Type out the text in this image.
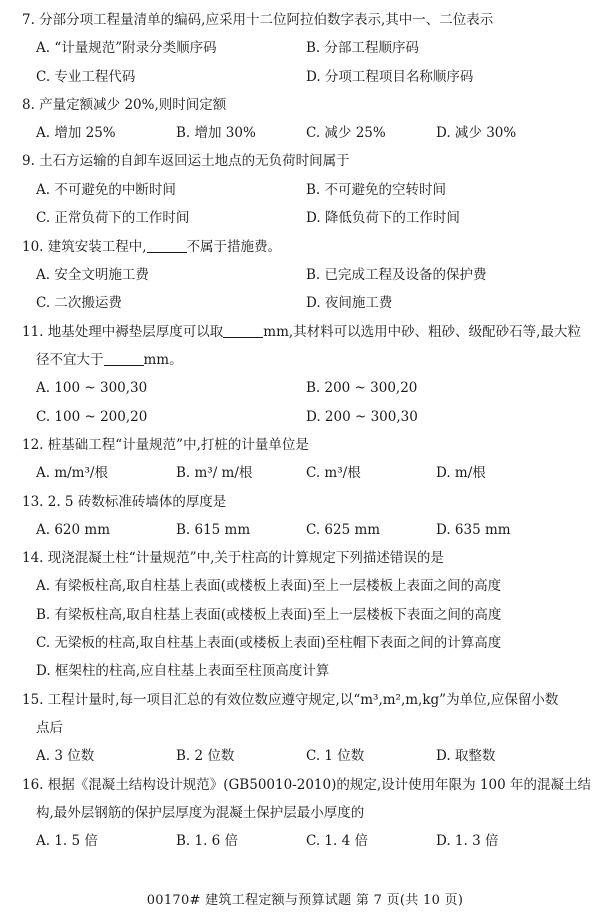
7. 分部分项工程量清单的编码,应采用十二位阿拉伯数字表示,其中一、二位表示
A. “计量规范”附录分类顺序码	B. 分部工程顺序码
C. 专业工程代码	D. 分项工程项目名称顺序码
8. 产量定额减少 20%,则时间定额
A. 增加 25%	B. 增加 30%	C. 减少 25%	D. 减少 30%
9. 土石方运输的自卸车返回运土地点的无负荷时间属于
A. 不可避免的中断时间	B. 不可避免的空转时间
C. 正常负荷下的工作时间	D. 降低负荷下的工作时间
10. 建筑安装工程中,	不属于措施费。
A. 安全文明施工费	B. 已完成工程及设备的保护费
C. 二次搬运费	D. 夜间施工费
11. 地基处理中褥垫层厚度可以取	mm,其材料可以选用中砂、粗砂、级配砂石等,最大粒
径不宜大于	mm。
A. 100 ~ 300,30	B. 200 ~ 300,20
C. 100 ~ 200,20	D. 200 ~ 300,30
12. 桩基础工程“计量规范”中,打桩的计量单位是
A. m/m³/根	B. m³/ m/根	C. m³/根	D. m/根
13. 2. 5 砖数标准砖墙体的厚度是
A. 620 mm	B. 615 mm	C. 625 mm	D. 635 mm
14. 现浇混凝土柱“计量规范”中,关于柱高的计算规定下列描述错误的是
A. 有梁板柱高,取自柱基上表面(或楼板上表面)至上一层楼板上表面之间的高度
B. 有梁板柱高,取自柱基上表面(或楼板上表面)至上一层楼板下表面之间的高度
C. 无梁板的柱高,取自柱基上表面(或楼板上表面)至柱帽下表面之间的计算高度
D. 框架柱的柱高,应自柱基上表面至柱顶高度计算
15. 工程计量时,每一项目汇总的有效位数应遵守规定,以“m³,m²,m,kg”为单位,应保留小数
点后
A. 3 位数	B. 2 位数	C. 1 位数	D. 取整数
16. 根据《混凝土结构设计规范》(GB50010-2010)的规定,设计使用年限为 100 年的混凝土结
构,最外层钢筋的保护层厚度为混凝土保护层最小厚度的
A. 1. 5 倍	B. 1. 6 倍	C. 1. 4 倍	D. 1. 3 倍
00170# 建筑工程定额与预算试题 第 7 页(共 10 页)
